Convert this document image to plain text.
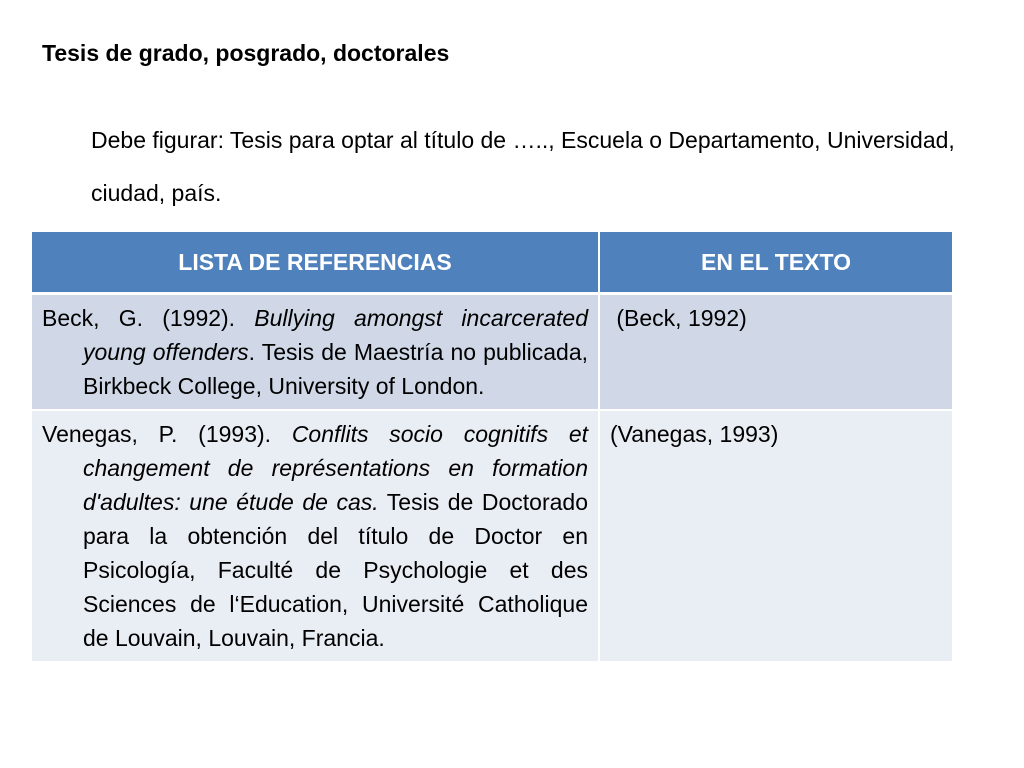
Tesis de grado, posgrado, doctorales

Debe figurar: Tesis para optar al título de ….., Escuela o Departamento, Universidad, ciudad, país.

LISTA DE REFERENCIAS	EN EL TEXTO
Beck, G. (1992). Bullying amongst incarcerated young offenders. Tesis de Maestría no publicada, Birkbeck College, University of London.	(Beck, 1992)
Venegas, P. (1993). Conflits socio cognitifs et changement de représentations en formation d'adultes: une étude de cas. Tesis de Doctorado para la obtención del título de Doctor en Psicología, Faculté de Psychologie et des Sciences de l‘Education, Université Catholique de Louvain, Louvain, Francia.	(Vanegas, 1993)
